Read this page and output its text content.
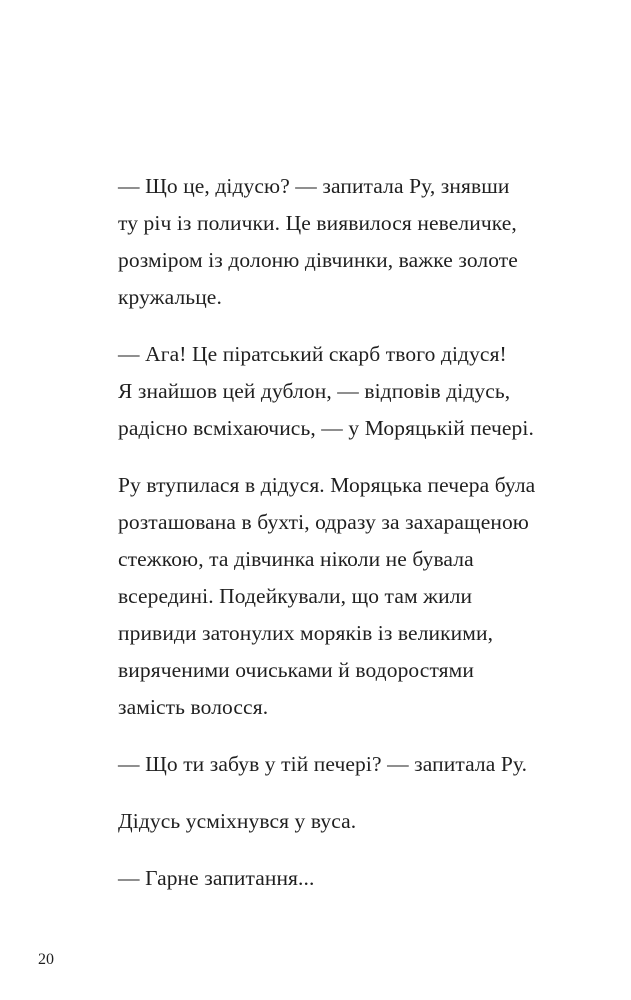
— Що це, дідусю? — запитала Ру, знявши
ту річ із полички. Це виявилося невеличке,
розміром із долоню дівчинки, важке золоте
кружальце.
— Ага! Це піратський скарб твого дідуся!
Я знайшов цей дублон, — відповів дідусь,
радісно всміхаючись, — у Моряцькій печері.
Ру втупилася в дідуся. Моряцька печера була
розташована в бухті, одразу за захаращеною
стежкою, та дівчинка ніколи не бувала
всередині. Подейкували, що там жили
привиди затонулих моряків із великими,
виряченими очиськами й водоростями
замість волосся.
— Що ти забув у тій печері? — запитала Ру.
Дідусь усміхнувся у вуса.
— Гарне запитання...
20
